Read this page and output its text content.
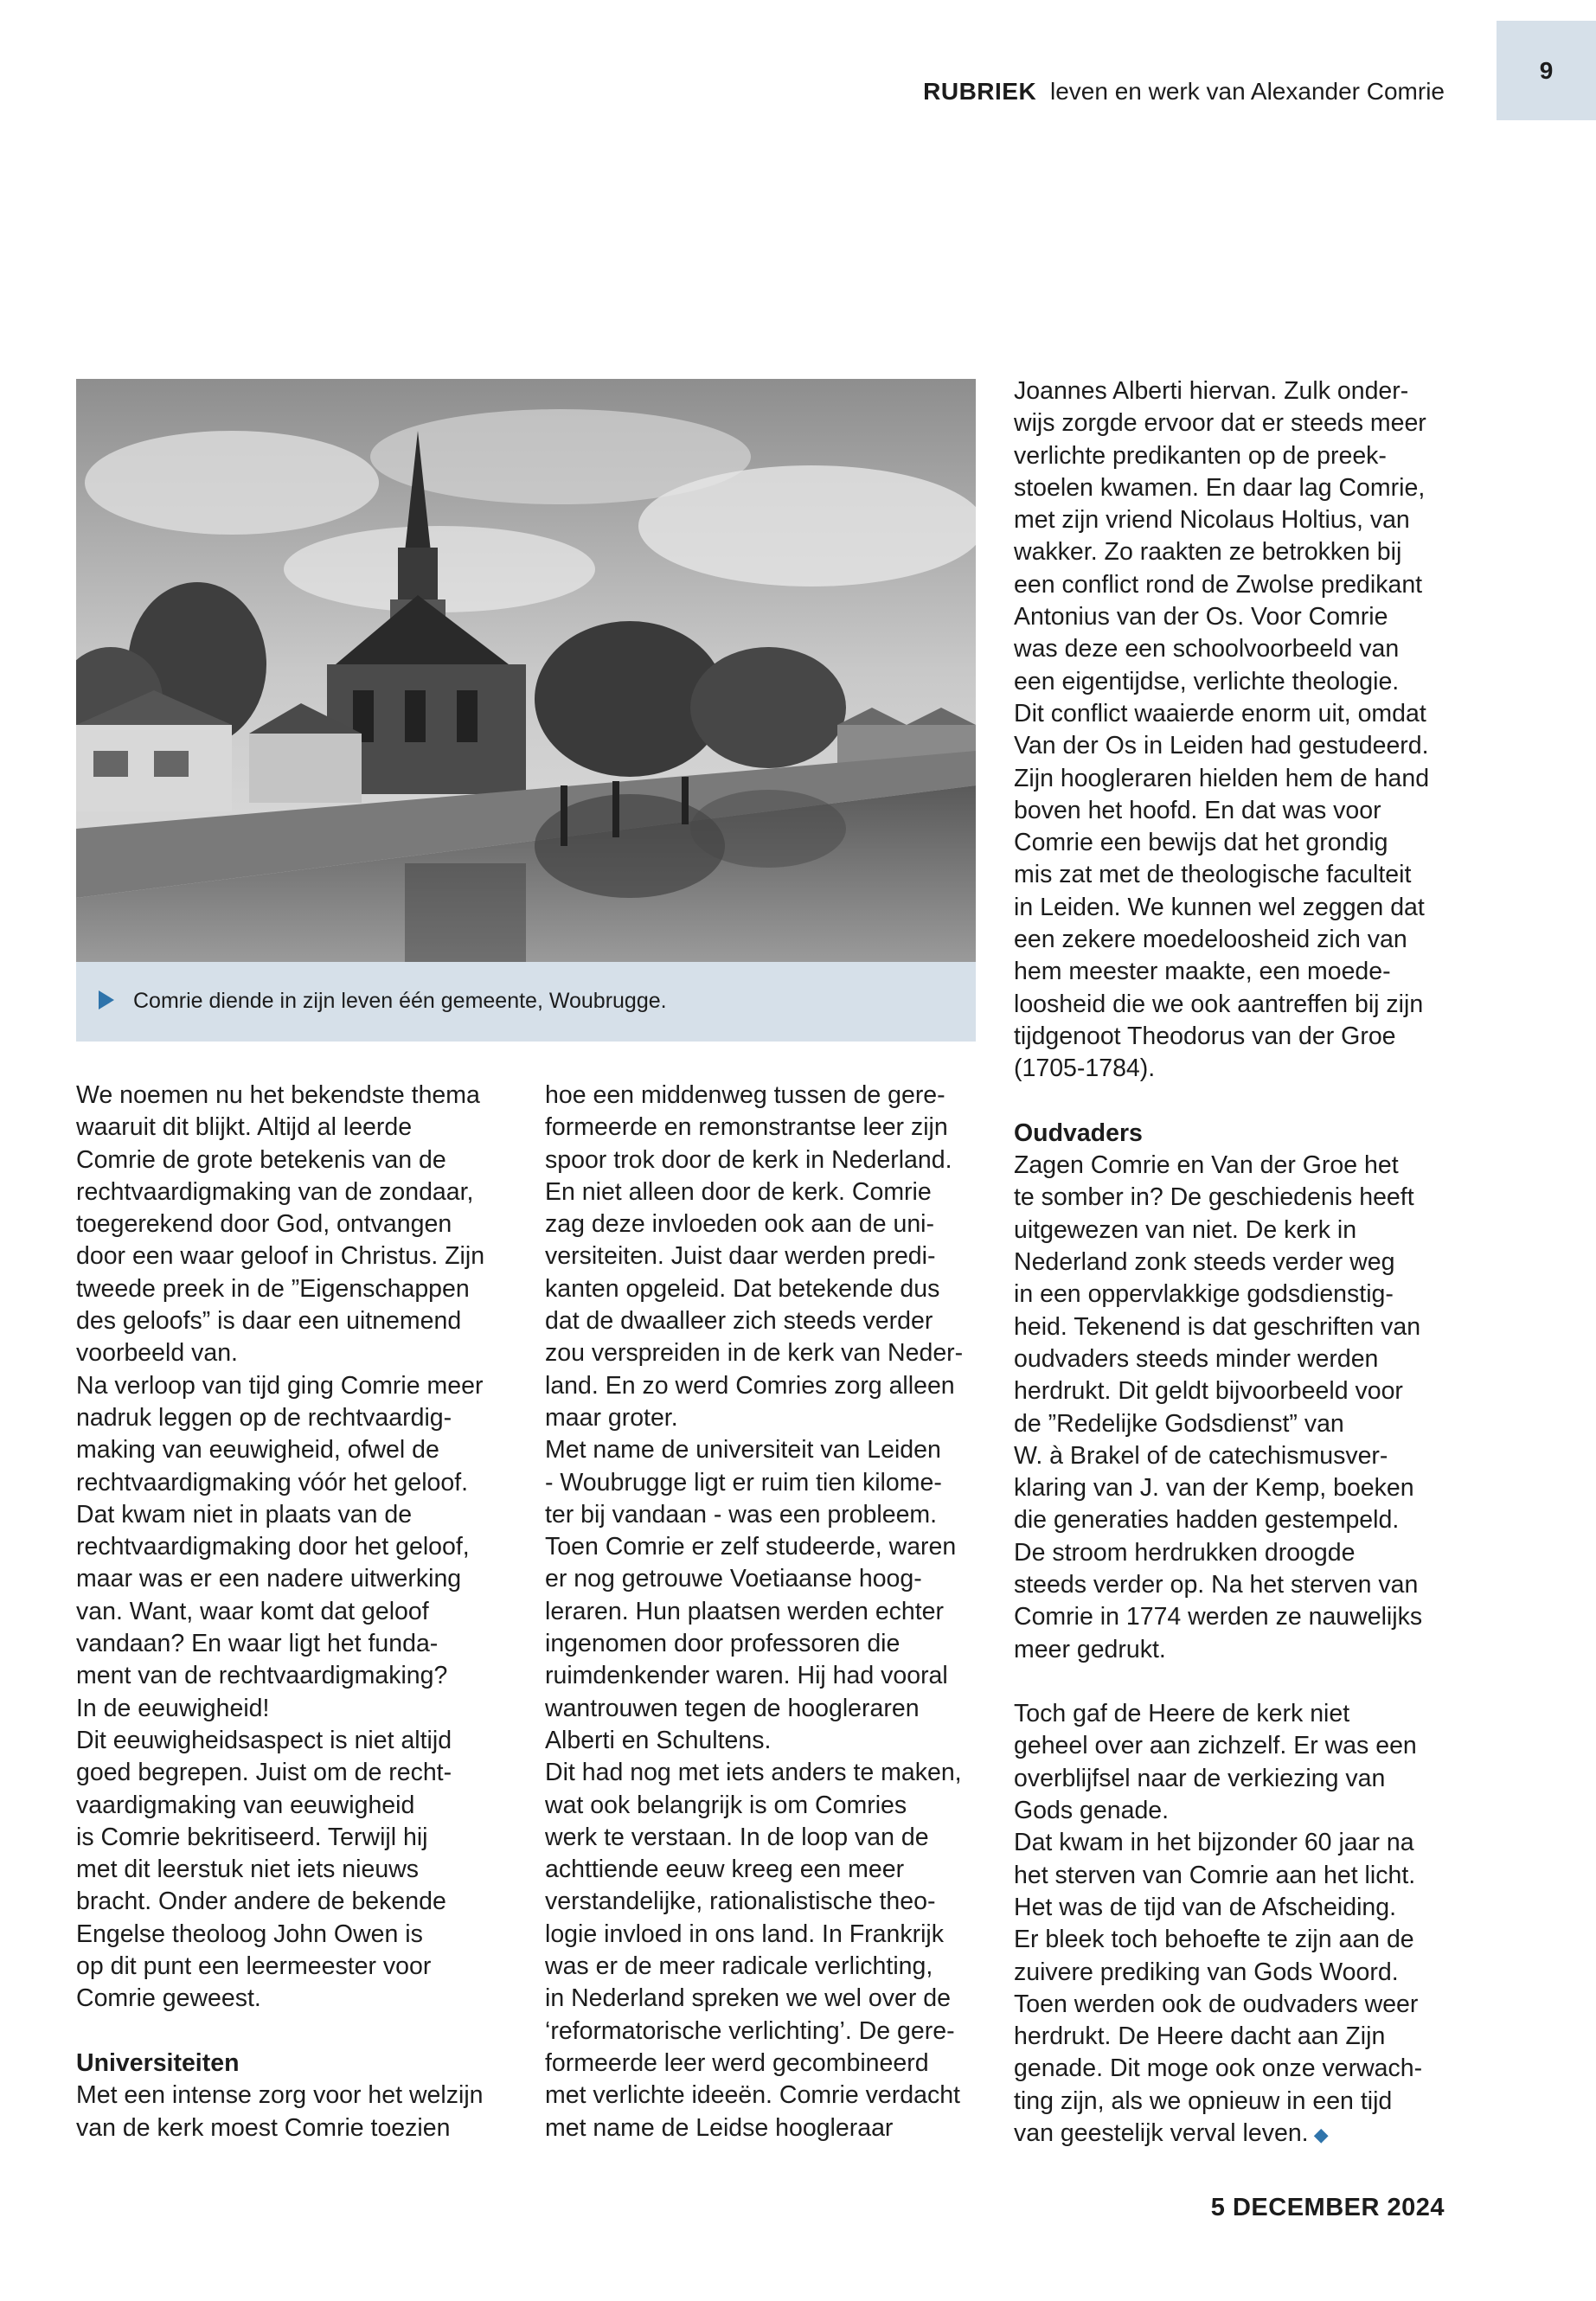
9
RUBRIEK leven en werk van Alexander Comrie
Comrie diende in zijn leven één gemeente, Woubrugge.

We noemen nu het bekendste thema

waaruit dit blijkt. Altijd al leerde

Comrie de grote betekenis van de

rechtvaardigmaking van de zondaar,

toegerekend door God, ontvangen

door een waar geloof in Christus. Zijn

tweede preek in de ”Eigenschappen

des geloofs” is daar een uitnemend

voorbeeld van.

Na verloop van tijd ging Comrie meer

nadruk leggen op de rechtvaardig-

making van eeuwigheid, ofwel de

rechtvaardigmaking vóór het geloof.

Dat kwam niet in plaats van de

rechtvaardigmaking door het geloof,

maar was er een nadere uitwerking

van. Want, waar komt dat geloof

vandaan? En waar ligt het funda-

ment van de rechtvaardigmaking?

In de eeuwigheid!

Dit eeuwigheidsaspect is niet altijd

goed begrepen. Juist om de recht-

vaardigmaking van eeuwigheid

is Comrie bekritiseerd. Terwijl hij

met dit leerstuk niet iets nieuws

bracht. Onder andere de bekende

Engelse theoloog John Owen is

op dit punt een leermeester voor

Comrie geweest.

Universiteiten

Met een intense zorg voor het welzijn

van de kerk moest Comrie toezien

hoe een middenweg tussen de gere-

formeerde en remonstrantse leer zijn

spoor trok door de kerk in Nederland.

En niet alleen door de kerk. Comrie

zag deze invloeden ook aan de uni-

versiteiten. Juist daar werden predi-

kanten opgeleid. Dat betekende dus

dat de dwaalleer zich steeds verder

zou verspreiden in de kerk van Neder-

land. En zo werd Comries zorg alleen

maar groter.

Met name de universiteit van Leiden

- Woubrugge ligt er ruim tien kilome-

ter bij vandaan - was een probleem.

Toen Comrie er zelf studeerde, waren

er nog getrouwe Voetiaanse hoog-

leraren. Hun plaatsen werden echter

ingenomen door professoren die

ruimdenkender waren. Hij had vooral

wantrouwen tegen de hoogleraren

Alberti en Schultens.

Dit had nog met iets anders te maken,

wat ook belangrijk is om Comries

werk te verstaan. In de loop van de

achttiende eeuw kreeg een meer

verstandelijke, rationalistische theo-

logie invloed in ons land. In Frankrijk

was er de meer radicale verlichting,

in Nederland spreken we wel over de

‘reformatorische verlichting’. De gere-

formeerde leer werd gecombineerd

met verlichte ideeën. Comrie verdacht

met name de Leidse hoogleraar

Joannes Alberti hiervan. Zulk onder-

wijs zorgde ervoor dat er steeds meer

verlichte predikanten op de preek-

stoelen kwamen. En daar lag Comrie,

met zijn vriend Nicolaus Holtius, van

wakker. Zo raakten ze betrokken bij

een conflict rond de Zwolse predikant

Antonius van der Os. Voor Comrie

was deze een schoolvoorbeeld van

een eigentijdse, verlichte theologie.

Dit conflict waaierde enorm uit, omdat

Van der Os in Leiden had gestudeerd.

Zijn hoogleraren hielden hem de hand

boven het hoofd. En dat was voor

Comrie een bewijs dat het grondig

mis zat met de theologische faculteit

in Leiden. We kunnen wel zeggen dat

een zekere moedeloosheid zich van

hem meester maakte, een moede-

loosheid die we ook aantreffen bij zijn

tijdgenoot Theodorus van der Groe

(1705-1784).

Oudvaders

Zagen Comrie en Van der Groe het

te somber in? De geschiedenis heeft

uitgewezen van niet. De kerk in

Nederland zonk steeds verder weg

in een oppervlakkige godsdienstig-

heid. Tekenend is dat geschriften van

oudvaders steeds minder werden

herdrukt. Dit geldt bijvoorbeeld voor

de ”Redelijke Godsdienst” van

W. à Brakel of de catechismusver-

klaring van J. van der Kemp, boeken

die generaties hadden gestempeld.

De stroom herdrukken droogde

steeds verder op. Na het sterven van

Comrie in 1774 werden ze nauwelijks

meer gedrukt.

Toch gaf de Heere de kerk niet

geheel over aan zichzelf. Er was een

overblijfsel naar de verkiezing van

Gods genade.

Dat kwam in het bijzonder 60 jaar na

het sterven van Comrie aan het licht.

Het was de tijd van de Afscheiding.

Er bleek toch behoefte te zijn aan de

zuivere prediking van Gods Woord.

Toen werden ook de oudvaders weer

herdrukt. De Heere dacht aan Zijn

genade. Dit moge ook onze verwach-

ting zijn, als we opnieuw in een tijd

van geestelijk verval leven. ◆

5 DECEMBER 2024
